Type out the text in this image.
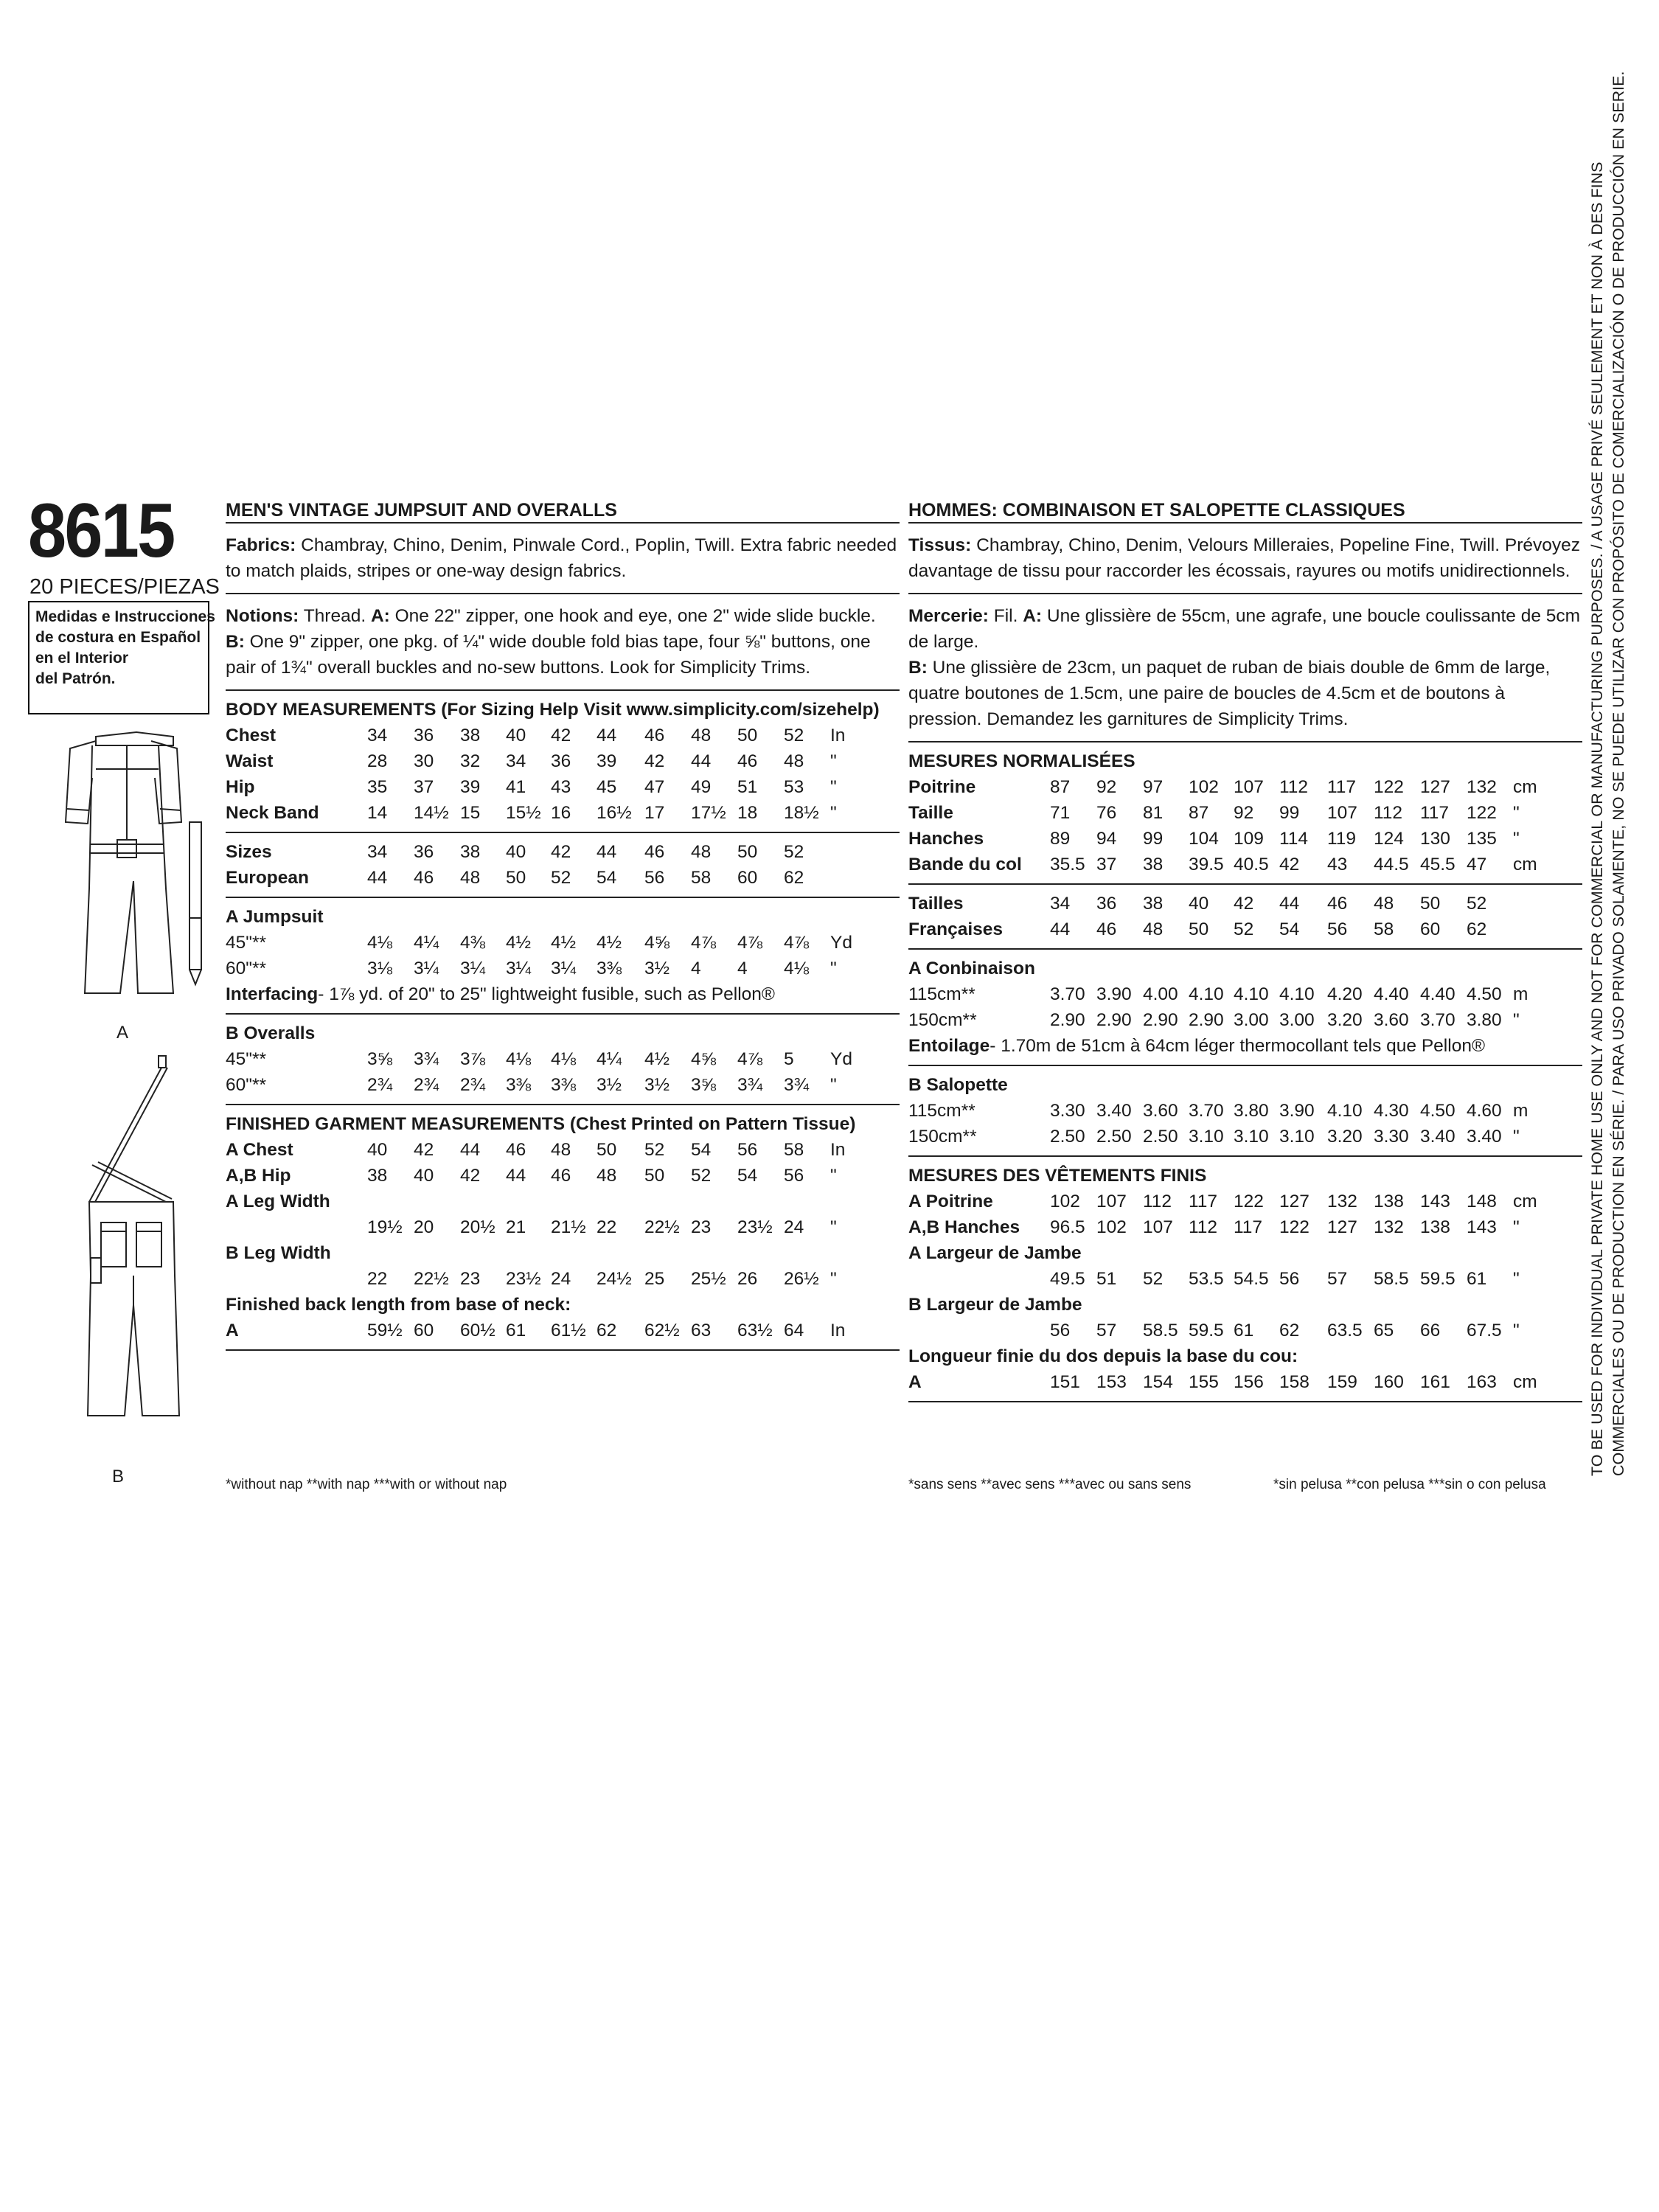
8615
20 PIECES/PIEZAS
Medidas e Instrucciones
de costura en Español
en el Interior
del Patrón.
A
B
MEN'S VINTAGE JUMPSUIT AND OVERALLS
Fabrics: Chambray, Chino, Denim, Pinwale Cord., Poplin, Twill. Extra fabric needed to match plaids, stripes or one-way design fabrics.
Notions: Thread. A: One 22" zipper, one hook and eye, one 2" wide slide buckle.
B: One 9" zipper, one pkg. of ¼" wide double fold bias tape, four ⅝" buttons, one pair of 1¾" overall buckles and no-sew buttons. Look for Simplicity Trims.
BODY MEASUREMENTS (For Sizing Help Visit www.simplicity.com/sizehelp)
Chest	34 36 38 40 42 44 46 48 50 52 In
Waist	28 30 32 34 36 39 42 44 46 48 "
Hip	35 37 39 41 43 45 47 49 51 53 "
Neck Band	14 14½ 15 15½ 16 16½ 17 17½ 18 18½ "
Sizes	34 36 38 40 42 44 46 48 50 52
European	44 46 48 50 52 54 56 58 60 62
A Jumpsuit
45"**	4⅛ 4¼ 4⅜ 4½ 4½ 4½ 4⅝ 4⅞ 4⅞ 4⅞ Yd
60"**	3⅛ 3¼ 3¼ 3¼ 3¼ 3⅜ 3½ 4 4 4⅛ "
Interfacing- 1⅞ yd. of 20" to 25" lightweight fusible, such as Pellon®
B Overalls
45"**	3⅝ 3¾ 3⅞ 4⅛ 4⅛ 4¼ 4½ 4⅝ 4⅞ 5 Yd
60"**	2¾ 2¾ 2¾ 3⅜ 3⅜ 3½ 3½ 3⅝ 3¾ 3¾ "
FINISHED GARMENT MEASUREMENTS (Chest Printed on Pattern Tissue)
A Chest	40 42 44 46 48 50 52 54 56 58 In
A,B Hip	38 40 42 44 46 48 50 52 54 56 "
A Leg Width
19½ 20 20½ 21 21½ 22 22½ 23 23½ 24 "
B Leg Width
22 22½ 23 23½ 24 24½ 25 25½ 26 26½ "
Finished back length from base of neck:
A	59½ 60 60½ 61 61½ 62 62½ 63 63½ 64 In
HOMMES: COMBINAISON ET SALOPETTE CLASSIQUES
Tissus: Chambray, Chino, Denim, Velours Milleraies, Popeline Fine, Twill. Prévoyez davantage de tissu pour raccorder les écossais, rayures ou motifs unidirectionnels.
Mercerie: Fil. A: Une glissière de 55cm, une agrafe, une boucle coulissante de 5cm de large.
B: Une glissière de 23cm, un paquet de ruban de biais double de 6mm de large, quatre boutones de 1.5cm, une paire de boucles de 4.5cm et de boutons à pression. Demandez les garnitures de Simplicity Trims.
MESURES NORMALISÉES
Poitrine	87 92 97 102 107 112 117 122 127 132 cm
Taille	71 76 81 87 92 99 107 112 117 122 "
Hanches	89 94 99 104 109 114 119 124 130 135 "
Bande du col 35.5 37 38 39.5 40.5 42 43 44.5 45.5 47 cm
Tailles	34 36 38 40 42 44 46 48 50 52
Françaises	44 46 48 50 52 54 56 58 60 62
A Conbinaison
115cm**	3.70 3.90 4.00 4.10 4.10 4.10 4.20 4.40 4.40 4.50 m
150cm**	2.90 2.90 2.90 2.90 3.00 3.00 3.20 3.60 3.70 3.80 "
Entoilage- 1.70m de 51cm à 64cm léger thermocollant tels que Pellon®
B Salopette
115cm**	3.30 3.40 3.60 3.70 3.80 3.90 4.10 4.30 4.50 4.60 m
150cm**	2.50 2.50 2.50 3.10 3.10 3.10 3.20 3.30 3.40 3.40 "
MESURES DES VÊTEMENTS FINIS
A Poitrine	102 107 112 117 122 127 132 138 143 148 cm
A,B Hanches 96.5 102 107 112 117 122 127 132 138 143 "
A Largeur de Jambe
49.5 51 52 53.5 54.5 56 57 58.5 59.5 61 "
B Largeur de Jambe
56 57 58.5 59.5 61 62 63.5 65 66 67.5 "
Longueur finie du dos depuis la base du cou:
A	151 153 154 155 156 158 159 160 161 163 cm
*without nap **with nap ***with or without nap	*sans sens **avec sens ***avec ou sans sens	*sin pelusa **con pelusa ***sin o con pelusa
TO BE USED FOR INDIVIDUAL PRIVATE HOME USE ONLY AND NOT FOR COMMERCIAL OR MANUFACTURING PURPOSES. / A USAGE PRIVÉ SEULEMENT ET NON À DES FINS COMMERCIALES OU DE PRODUCTION EN SÉRIE. / PARA USO PRIVADO SOLAMENTE, NO SE PUEDE UTILIZAR CON PROPÓSITO DE COMERCIALIZACIÓN O DE PRODUCCIÓN EN SERIE.
